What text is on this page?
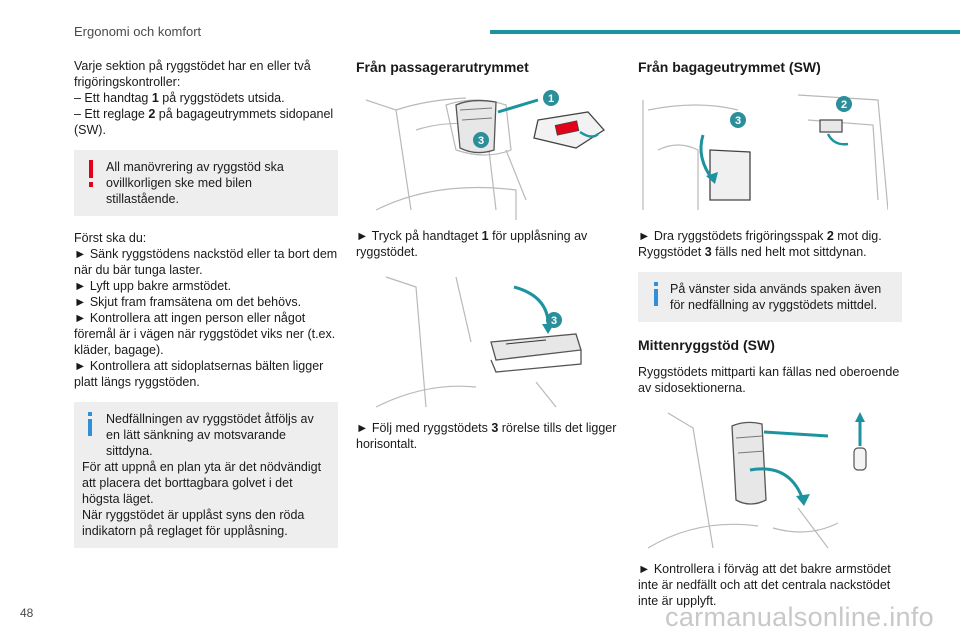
Ergonomi och komfort

Varje sektion på ryggstödet har en eller två frigöringskontroller:

– Ett handtag 1 på ryggstödets utsida.

– Ett reglage 2 på bagageutrymmets sidopanel (SW).

All manövrering av ryggstöd ska ovillkorligen ske med bilen stillastående.

Först ska du:

► Sänk ryggstödens nackstöd eller ta bort dem när du bär tunga laster.

► Lyft upp bakre armstödet.

► Skjut fram framsätena om det behövs.

► Kontrollera att ingen person eller något föremål är i vägen när ryggstödet viks ner (t.ex. kläder, bagage).

► Kontrollera att sidoplatsernas bälten ligger platt längs ryggstöden.

Nedfällningen av ryggstödet åtföljs av en lätt sänkning av motsvarande sittdyna.

För att uppnå en plan yta är det nödvändigt att placera det borttagbara golvet i det högsta läget.

När ryggstödet är upplåst syns den röda indikatorn på reglaget för upplåsning.

Från passagerarutrymmet
1
3

► Tryck på handtaget 1 för upplåsning av ryggstödet.

3

► Följ med ryggstödets 3 rörelse tills det ligger horisontalt.

Från bagageutrymmet (SW)
2
3

► Dra ryggstödets frigöringsspak 2 mot dig.

Ryggstödet 3 fälls ned helt mot sittdynan.

På vänster sida används spaken även för nedfällning av ryggstödets mittdel.

Mittenryggstöd (SW)

Ryggstödets mittparti kan fällas ned oberoende av sidosektionerna.

► Kontrollera i förväg att det bakre armstödet inte är nedfällt och att det centrala nackstödet inte är upplyft.

48	carmanualsonline.info
